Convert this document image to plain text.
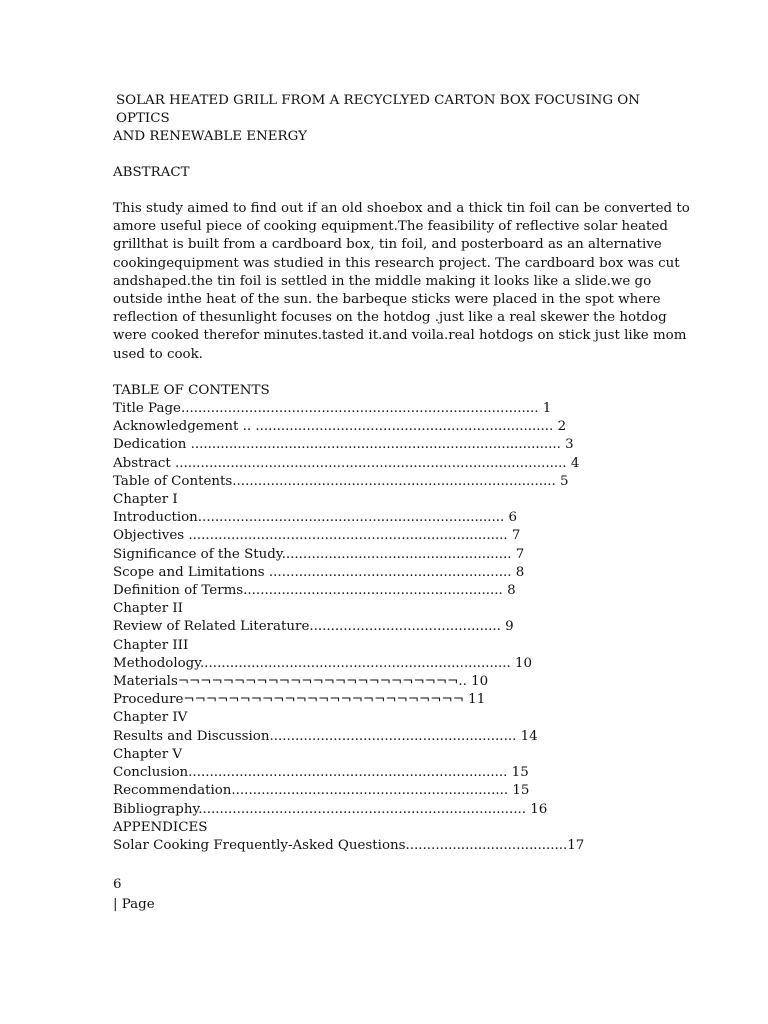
SOLAR HEATED GRILL FROM A RECYCLYED CARTON BOX FOCUSING ON OPTICS

AND RENEWABLE ENERGY

ABSTRACT

This study aimed to find out if an old shoebox and a thick tin foil can be converted to
amore useful piece of cooking equipment.The feasibility of reflective solar heated
grillthat is built from a cardboard box, tin foil, and posterboard as an alternative
cookingequipment was studied in this research project. The cardboard box was cut
andshaped.the tin foil is settled in the middle making it looks like a slide.we go
outside inthe heat of the sun. the barbeque sticks were placed in the spot where
reflection of thesunlight focuses on the hotdog .just like a real skewer the hotdog
were cooked therefor minutes.tasted it.and voila.real hotdogs on stick just like mom
used to cook.
TABLE OF CONTENTS
Title Page.................................................................................... 1
Acknowledgement .. ...................................................................... 2
Dedication ....................................................................................... 3
Abstract ............................................................................................ 4
Table of Contents............................................................................ 5
Chapter I
Introduction........................................................................ 6
Objectives ........................................................................... 7
Significance of the Study...................................................... 7
Scope and Limitations ......................................................... 8
Definition of Terms............................................................. 8
Chapter II
Review of Related Literature............................................. 9
Chapter III
Methodology......................................................................... 10
Materials¬¬¬¬¬¬¬¬¬¬¬¬¬¬¬¬¬¬¬¬¬¬¬¬¬.. 10
Procedure¬¬¬¬¬¬¬¬¬¬¬¬¬¬¬¬¬¬¬¬¬¬¬¬¬ 11
Chapter IV
Results and Discussion.......................................................... 14
Chapter V
Conclusion........................................................................... 15
Recommendation................................................................. 15
Bibliography............................................................................. 16
APPENDICES
Solar Cooking Frequently-Asked Questions......................................17
6
| Page
